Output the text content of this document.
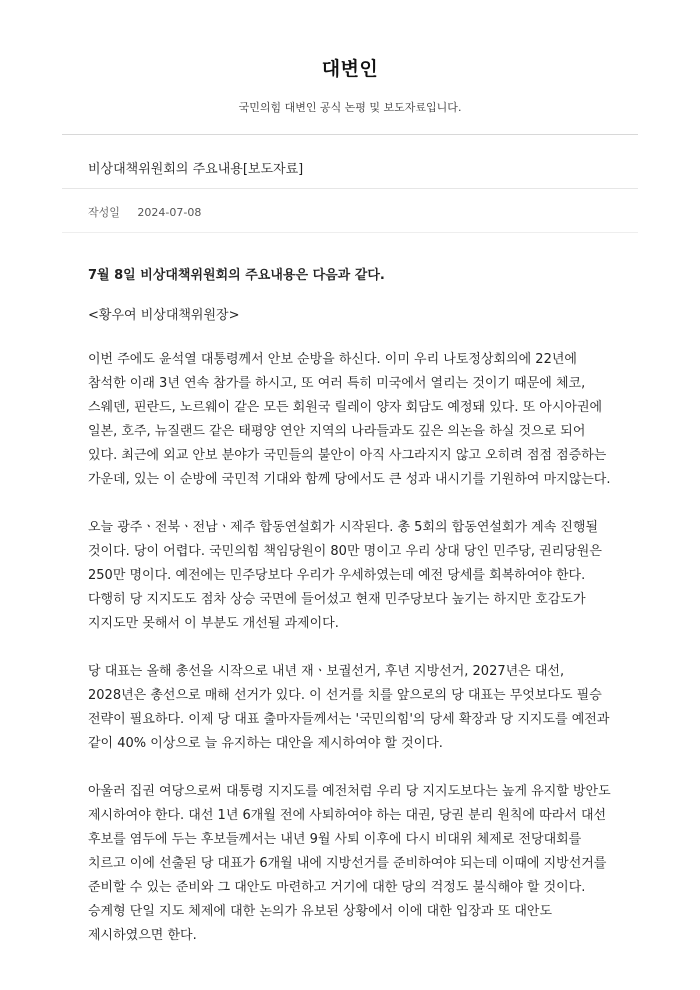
대변인
국민의힘 대변인 공식 논평 및 보도자료입니다.
비상대책위원회의 주요내용[보도자료]
작성일 2024-07-08

7월 8일 비상대책위원회의 주요내용은 다음과 같다.

<황우여 비상대책위원장>

이번 주에도 윤석열 대통령께서 안보 순방을 하신다. 이미 우리 나토정상회의에 22년에 참석한 이래 3년 연속 참가를 하시고, 또 여러 특히 미국에서 열리는 것이기 때문에 체코, 스웨덴, 핀란드, 노르웨이 같은 모든 회원국 릴레이 양자 회담도 예정돼 있다. 또 아시아권에 일본, 호주, 뉴질랜드 같은 태평양 연안 지역의 나라들과도 깊은 의논을 하실 것으로 되어 있다. 최근에 외교 안보 분야가 국민들의 불안이 아직 사그라지지 않고 오히려 점점 점증하는 가운데, 있는 이 순방에 국민적 기대와 함께 당에서도 큰 성과 내시기를 기원하여 마지않는다.

오늘 광주ㆍ전북ㆍ전남ㆍ제주 합동연설회가 시작된다. 총 5회의 합동연설회가 계속 진행될 것이다. 당이 어렵다. 국민의힘 책임당원이 80만 명이고 우리 상대 당인 민주당, 권리당원은 250만 명이다. 예전에는 민주당보다 우리가 우세하였는데 예전 당세를 회복하여야 한다. 다행히 당 지지도도 점차 상승 국면에 들어섰고 현재 민주당보다 높기는 하지만 호감도가 지지도만 못해서 이 부분도 개선될 과제이다.

당 대표는 올해 총선을 시작으로 내년 재ㆍ보궐선거, 후년 지방선거, 2027년은 대선, 2028년은 총선으로 매해 선거가 있다. 이 선거를 치를 앞으로의 당 대표는 무엇보다도 필승 전략이 필요하다. 이제 당 대표 출마자들께서는 '국민의힘'의 당세 확장과 당 지지도를 예전과 같이 40% 이상으로 늘 유지하는 대안을 제시하여야 할 것이다.

아울러 집권 여당으로써 대통령 지지도를 예전처럼 우리 당 지지도보다는 높게 유지할 방안도 제시하여야 한다. 대선 1년 6개월 전에 사퇴하여야 하는 대권, 당권 분리 원칙에 따라서 대선 후보를 염두에 두는 후보들께서는 내년 9월 사퇴 이후에 다시 비대위 체제로 전당대회를 치르고 이에 선출된 당 대표가 6개월 내에 지방선거를 준비하여야 되는데 이때에 지방선거를 준비할 수 있는 준비와 그 대안도 마련하고 거기에 대한 당의 걱정도 불식해야 할 것이다. 승계형 단일 지도 체제에 대한 논의가 유보된 상황에서 이에 대한 입장과 또 대안도 제시하였으면 한다.
